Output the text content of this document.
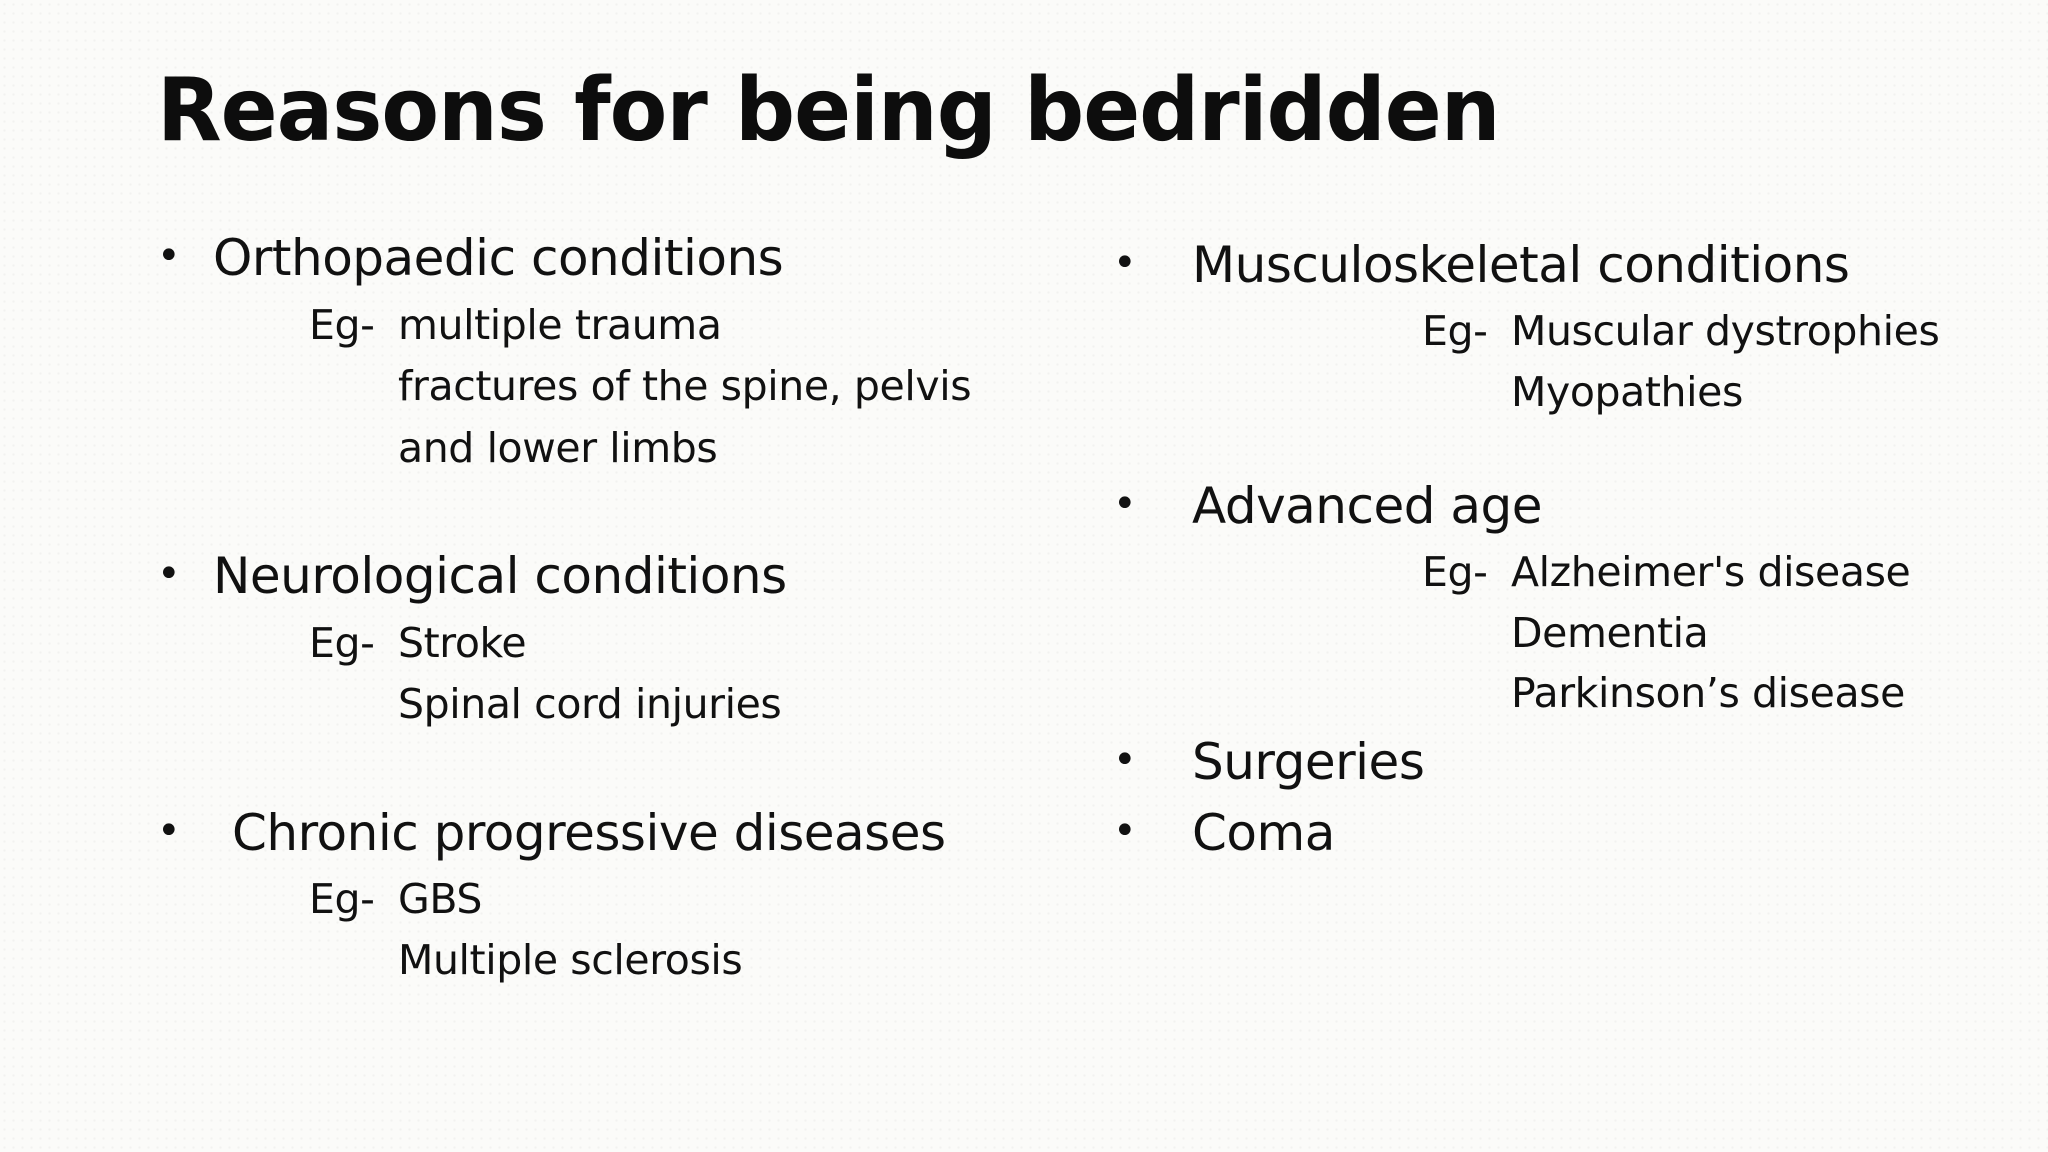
Reasons for being bedridden
• Orthopaedic conditions
Eg- multiple trauma
fractures of the spine, pelvis
and lower limbs
• Neurological conditions
Eg- Stroke
Spinal cord injuries
• Chronic progressive diseases
Eg- GBS
Multiple sclerosis
• Musculoskeletal conditions
Eg- Muscular dystrophies
Myopathies
• Advanced age
Eg- Alzheimer's disease
Dementia
Parkinson’s disease
• Surgeries
• Coma
